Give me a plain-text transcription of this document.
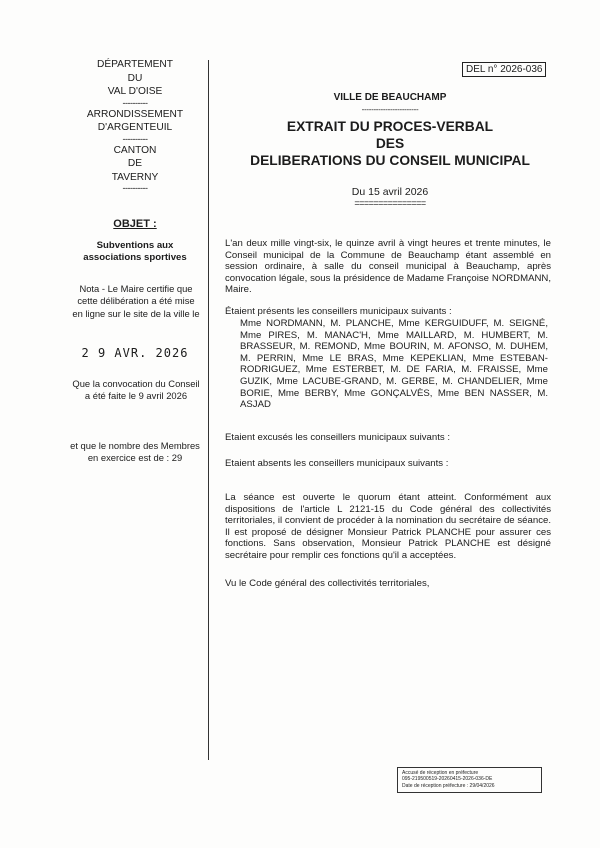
DÉPARTEMENT
DU
VAL D'OISE
----------
ARRONDISSEMENT
D'ARGENTEUIL
----------
CANTON
DE
TAVERNY
----------
OBJET :
Subventions aux associations sportives
Nota - Le Maire certifie que cette délibération a été mise en ligne sur le site de la ville le
2 9 AVR. 2026
Que la convocation du Conseil a été faite le 9 avril 2026
et que le nombre des Membres en exercice est de : 29
DEL n° 2026-036
VILLE DE BEAUCHAMP
------------------------
EXTRAIT DU PROCES-VERBAL
DES
DELIBERATIONS DU CONSEIL MUNICIPAL
Du 15 avril 2026
===============
L'an deux mille vingt-six, le quinze avril à vingt heures et trente minutes, le Conseil municipal de la Commune de Beauchamp étant assemblé en session ordinaire, à salle du conseil municipal à Beauchamp, après convocation légale, sous la présidence de Madame Françoise NORDMANN, Maire.
Étaient présents les conseillers municipaux suivants :
Mme NORDMANN, M. PLANCHE, Mme KERGUIDUFF, M. SEIGNÉ, Mme PIRES, M. MANAC'H, Mme MAILLARD, M. HUMBERT, M. BRASSEUR, M. REMOND, Mme BOURIN, M. AFONSO, M. DUHEM, M. PERRIN, Mme LE BRAS, Mme KEPEKLIAN, Mme ESTEBAN-RODRIGUEZ, Mme ESTERBET, M. DE FARIA, M. FRAISSE, Mme GUZIK, Mme LACUBE-GRAND, M. GERBE, M. CHANDELIER, Mme BORIE, Mme BERBY, Mme GONÇALVÈS, Mme BEN NASSER, M. ASJAD
Etaient excusés les conseillers municipaux suivants :
Etaient absents les conseillers municipaux suivants :
La séance est ouverte le quorum étant atteint. Conformément aux dispositions de l'article L 2121-15 du Code général des collectivités territoriales, il convient de procéder à la nomination du secrétaire de séance. Il est proposé de désigner Monsieur Patrick PLANCHE pour assurer ces fonctions. Sans observation, Monsieur Patrick PLANCHE est désigné secrétaire pour remplir ces fonctions qu'il a acceptées.
Vu le Code général des collectivités territoriales,
Accusé de réception en préfecture
095-219500519-20260415-2026-036-DE
Date de réception préfecture : 29/04/2026
